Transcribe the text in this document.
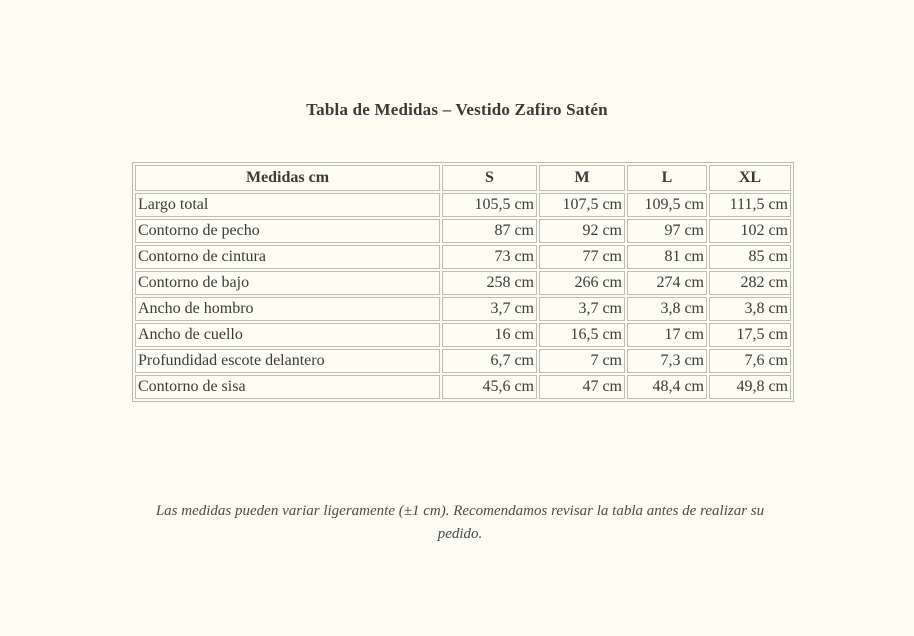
Tabla de Medidas – Vestido Zafiro Satén
Medidas cm	S	M	L	XL
Largo total	105,5 cm	107,5 cm	109,5 cm	111,5 cm
Contorno de pecho	87 cm	92 cm	97 cm	102 cm
Contorno de cintura	73 cm	77 cm	81 cm	85 cm
Contorno de bajo	258 cm	266 cm	274 cm	282 cm
Ancho de hombro	3,7 cm	3,7 cm	3,8 cm	3,8 cm
Ancho de cuello	16 cm	16,5 cm	17 cm	17,5 cm
Profundidad escote delantero	6,7 cm	7 cm	7,3 cm	7,6 cm
Contorno de sisa	45,6 cm	47 cm	48,4 cm	49,8 cm
Las medidas pueden variar ligeramente (±1 cm). Recomendamos revisar la tabla antes de realizar su pedido.
